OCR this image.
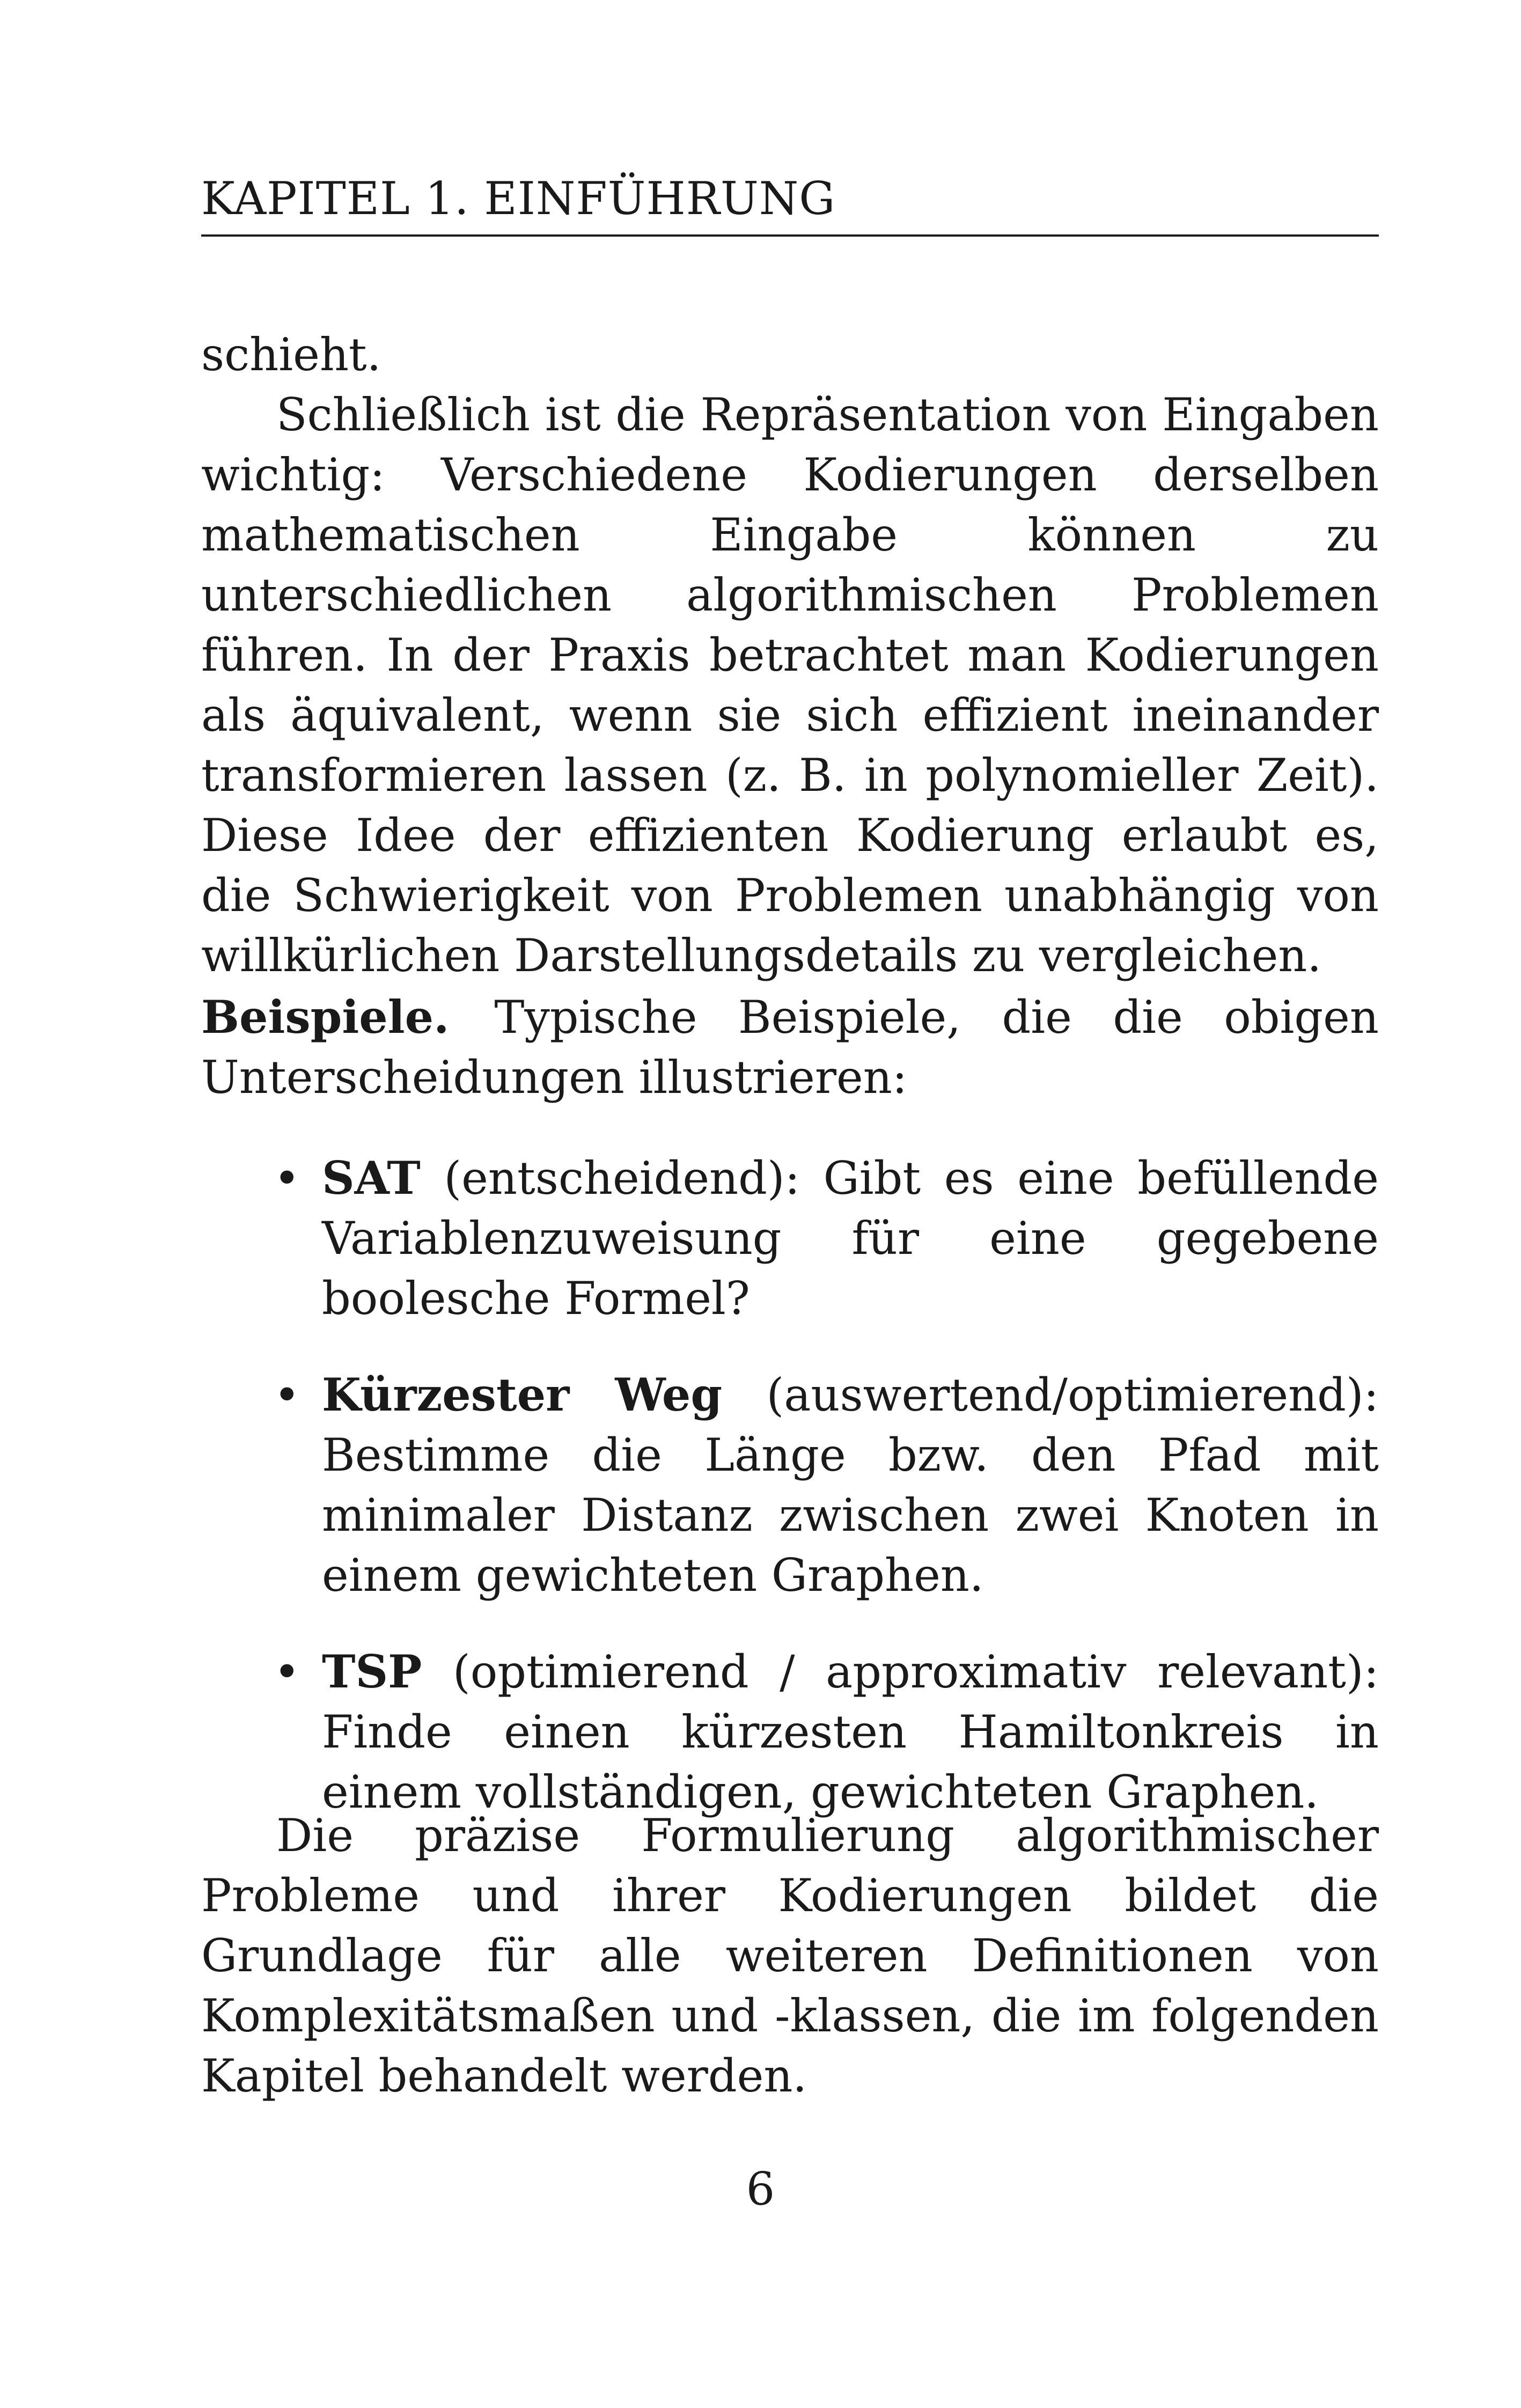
KAPITEL 1. EINFÜHRUNG

schieht.

Schließlich ist die Repräsentation von Eingaben wichtig: Verschiedene Kodierungen derselben mathematischen Eingabe können zu unterschiedlichen algorithmischen Problemen führen. In der Praxis betrachtet man Kodierungen als äquivalent, wenn sie sich effizient ineinander transformieren lassen (z. B. in polynomieller Zeit). Diese Idee der effizienten Kodierung erlaubt es, die Schwierigkeit von Problemen unabhängig von willkürlichen Darstellungsdetails zu vergleichen.

Beispiele.  Typische Beispiele, die die obigen Unterscheidungen illustrieren:

• SAT (entscheidend): Gibt es eine befüllende Variablenzuweisung für eine gegebene boolesche Formel?
• Kürzester Weg (auswertend/optimierend): Bestimme die Länge bzw. den Pfad mit minimaler Distanz zwischen zwei Knoten in einem gewichteten Graphen.
• TSP (optimierend / approximativ relevant): Finde einen kürzesten Hamiltonkreis in einem vollständigen, gewichteten Graphen.

Die präzise Formulierung algorithmischer Probleme und ihrer Kodierungen bildet die Grundlage für alle weiteren Definitionen von Komplexitätsmaßen und -klassen, die im folgenden Kapitel behandelt werden.

6
